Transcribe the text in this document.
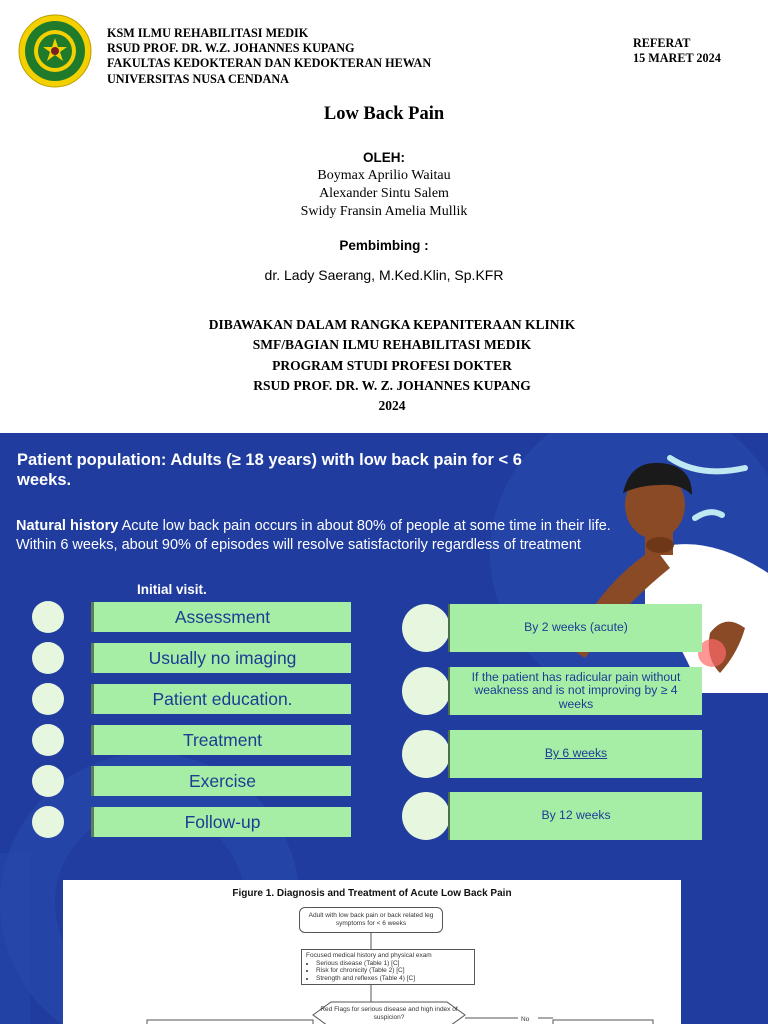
KSM ILMU REHABILITASI MEDIK
RSUD PROF. DR. W.Z. JOHANNES KUPANG
FAKULTAS KEDOKTERAN DAN KEDOKTERAN HEWAN
UNIVERSITAS NUSA CENDANA
REFERAT
15 MARET 2024
Low Back Pain
OLEH:
Boymax Aprilio Waitau
Alexander Sintu Salem
Swidy Fransin Amelia Mullik
Pembimbing :
dr. Lady Saerang, M.Ked.Klin, Sp.KFR
DIBAWAKAN DALAM RANGKA KEPANITERAAN KLINIK
SMF/BAGIAN ILMU REHABILITASI MEDIK
PROGRAM STUDI PROFESI DOKTER
RSUD PROF. DR. W. Z. JOHANNES KUPANG
2024
Patient population: Adults (≥ 18 years) with low back pain for < 6 weeks.
Natural history Acute low back pain occurs in about 80% of people at some time in their life.
Within 6 weeks, about 90% of episodes will resolve satisfactorily regardless of treatment
Initial visit.
Assessment
Usually no imaging
Patient education.
Treatment
Exercise
Follow-up
By 2 weeks (acute)
If the patient has radicular pain without weakness and is not improving by ≥ 4 weeks
By 6 weeks
By 12 weeks
Figure 1. Diagnosis and Treatment of Acute Low Back Pain
Adult with low back pain or back related leg symptoms for < 6 weeks
Focused medical history and physical exam
• Serious disease (Table 1) [C]
• Risk for chronicity (Table 2) [C]
• Strength and reflexes (Table 4) [C]
Red Flags for serious disease and high index of suspicion?	No
